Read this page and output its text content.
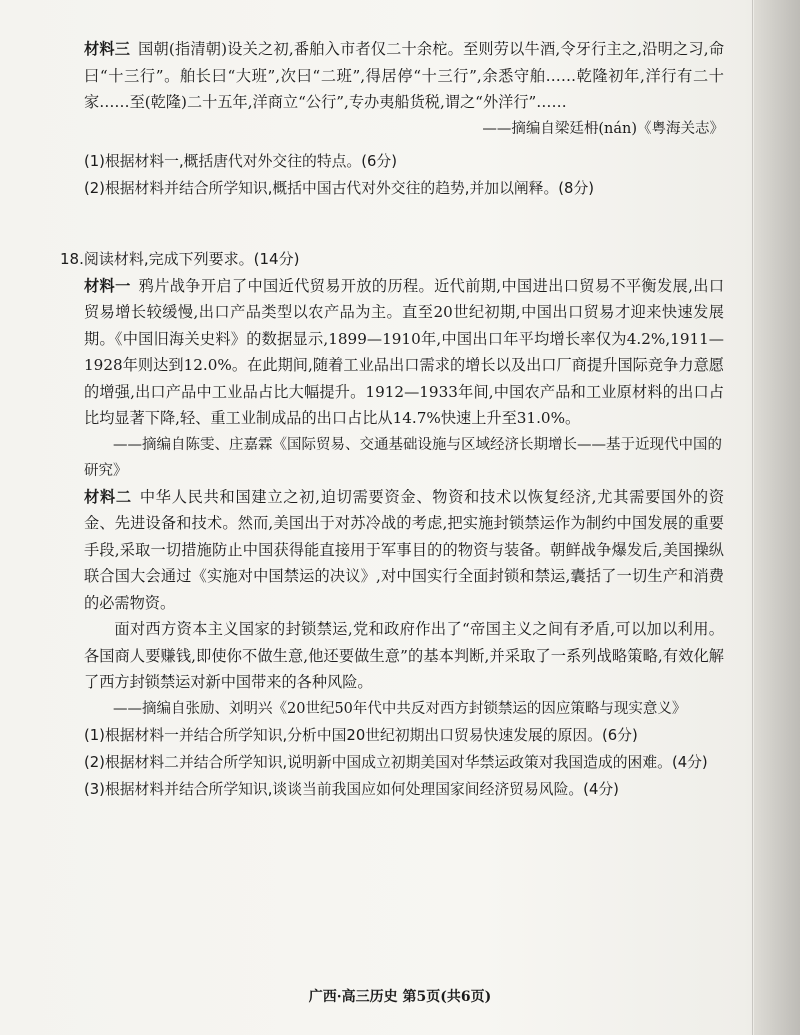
材料三 国朝(指清朝)设关之初,番舶入市者仅二十余柁。至则劳以牛酒,令牙行主之,沿明之习,命曰“十三行”。舶长曰“大班”,次曰“二班”,得居停“十三行”,余悉守舶……乾隆初年,洋行有二十家……至(乾隆)二十五年,洋商立“公行”,专办夷船货税,谓之“外洋行”……

——摘编自梁廷枏(nán)《粤海关志》

(1)根据材料一,概括唐代对外交往的特点。(6分)

(2)根据材料并结合所学知识,概括中国古代对外交往的趋势,并加以阐释。(8分)

18.阅读材料,完成下列要求。(14分)

材料一 鸦片战争开启了中国近代贸易开放的历程。近代前期,中国进出口贸易不平衡发展,出口贸易增长较缓慢,出口产品类型以农产品为主。直至20世纪初期,中国出口贸易才迎来快速发展期。《中国旧海关史料》的数据显示,1899—1910年,中国出口年平均增长率仅为4.2%,1911—1928年则达到12.0%。在此期间,随着工业品出口需求的增长以及出口厂商提升国际竞争力意愿的增强,出口产品中工业品占比大幅提升。1912—1933年间,中国农产品和工业原材料的出口占比均显著下降,轻、重工业制成品的出口占比从14.7%快速上升至31.0%。

——摘编自陈雯、庄嘉霖《国际贸易、交通基础设施与区域经济长期增长——基于近现代中国的研究》

材料二 中华人民共和国建立之初,迫切需要资金、物资和技术以恢复经济,尤其需要国外的资金、先进设备和技术。然而,美国出于对苏冷战的考虑,把实施封锁禁运作为制约中国发展的重要手段,采取一切措施防止中国获得能直接用于军事目的的物资与装备。朝鲜战争爆发后,美国操纵联合国大会通过《实施对中国禁运的决议》,对中国实行全面封锁和禁运,囊括了一切生产和消费的必需物资。

面对西方资本主义国家的封锁禁运,党和政府作出了“帝国主义之间有矛盾,可以加以利用。各国商人要赚钱,即使你不做生意,他还要做生意”的基本判断,并采取了一系列战略策略,有效化解了西方封锁禁运对新中国带来的各种风险。

——摘编自张励、刘明兴《20世纪50年代中共反对西方封锁禁运的因应策略与现实意义》

(1)根据材料一并结合所学知识,分析中国20世纪初期出口贸易快速发展的原因。(6分)

(2)根据材料二并结合所学知识,说明新中国成立初期美国对华禁运政策对我国造成的困难。(4分)

(3)根据材料并结合所学知识,谈谈当前我国应如何处理国家间经济贸易风险。(4分)

广西·高三历史 第5页(共6页)
